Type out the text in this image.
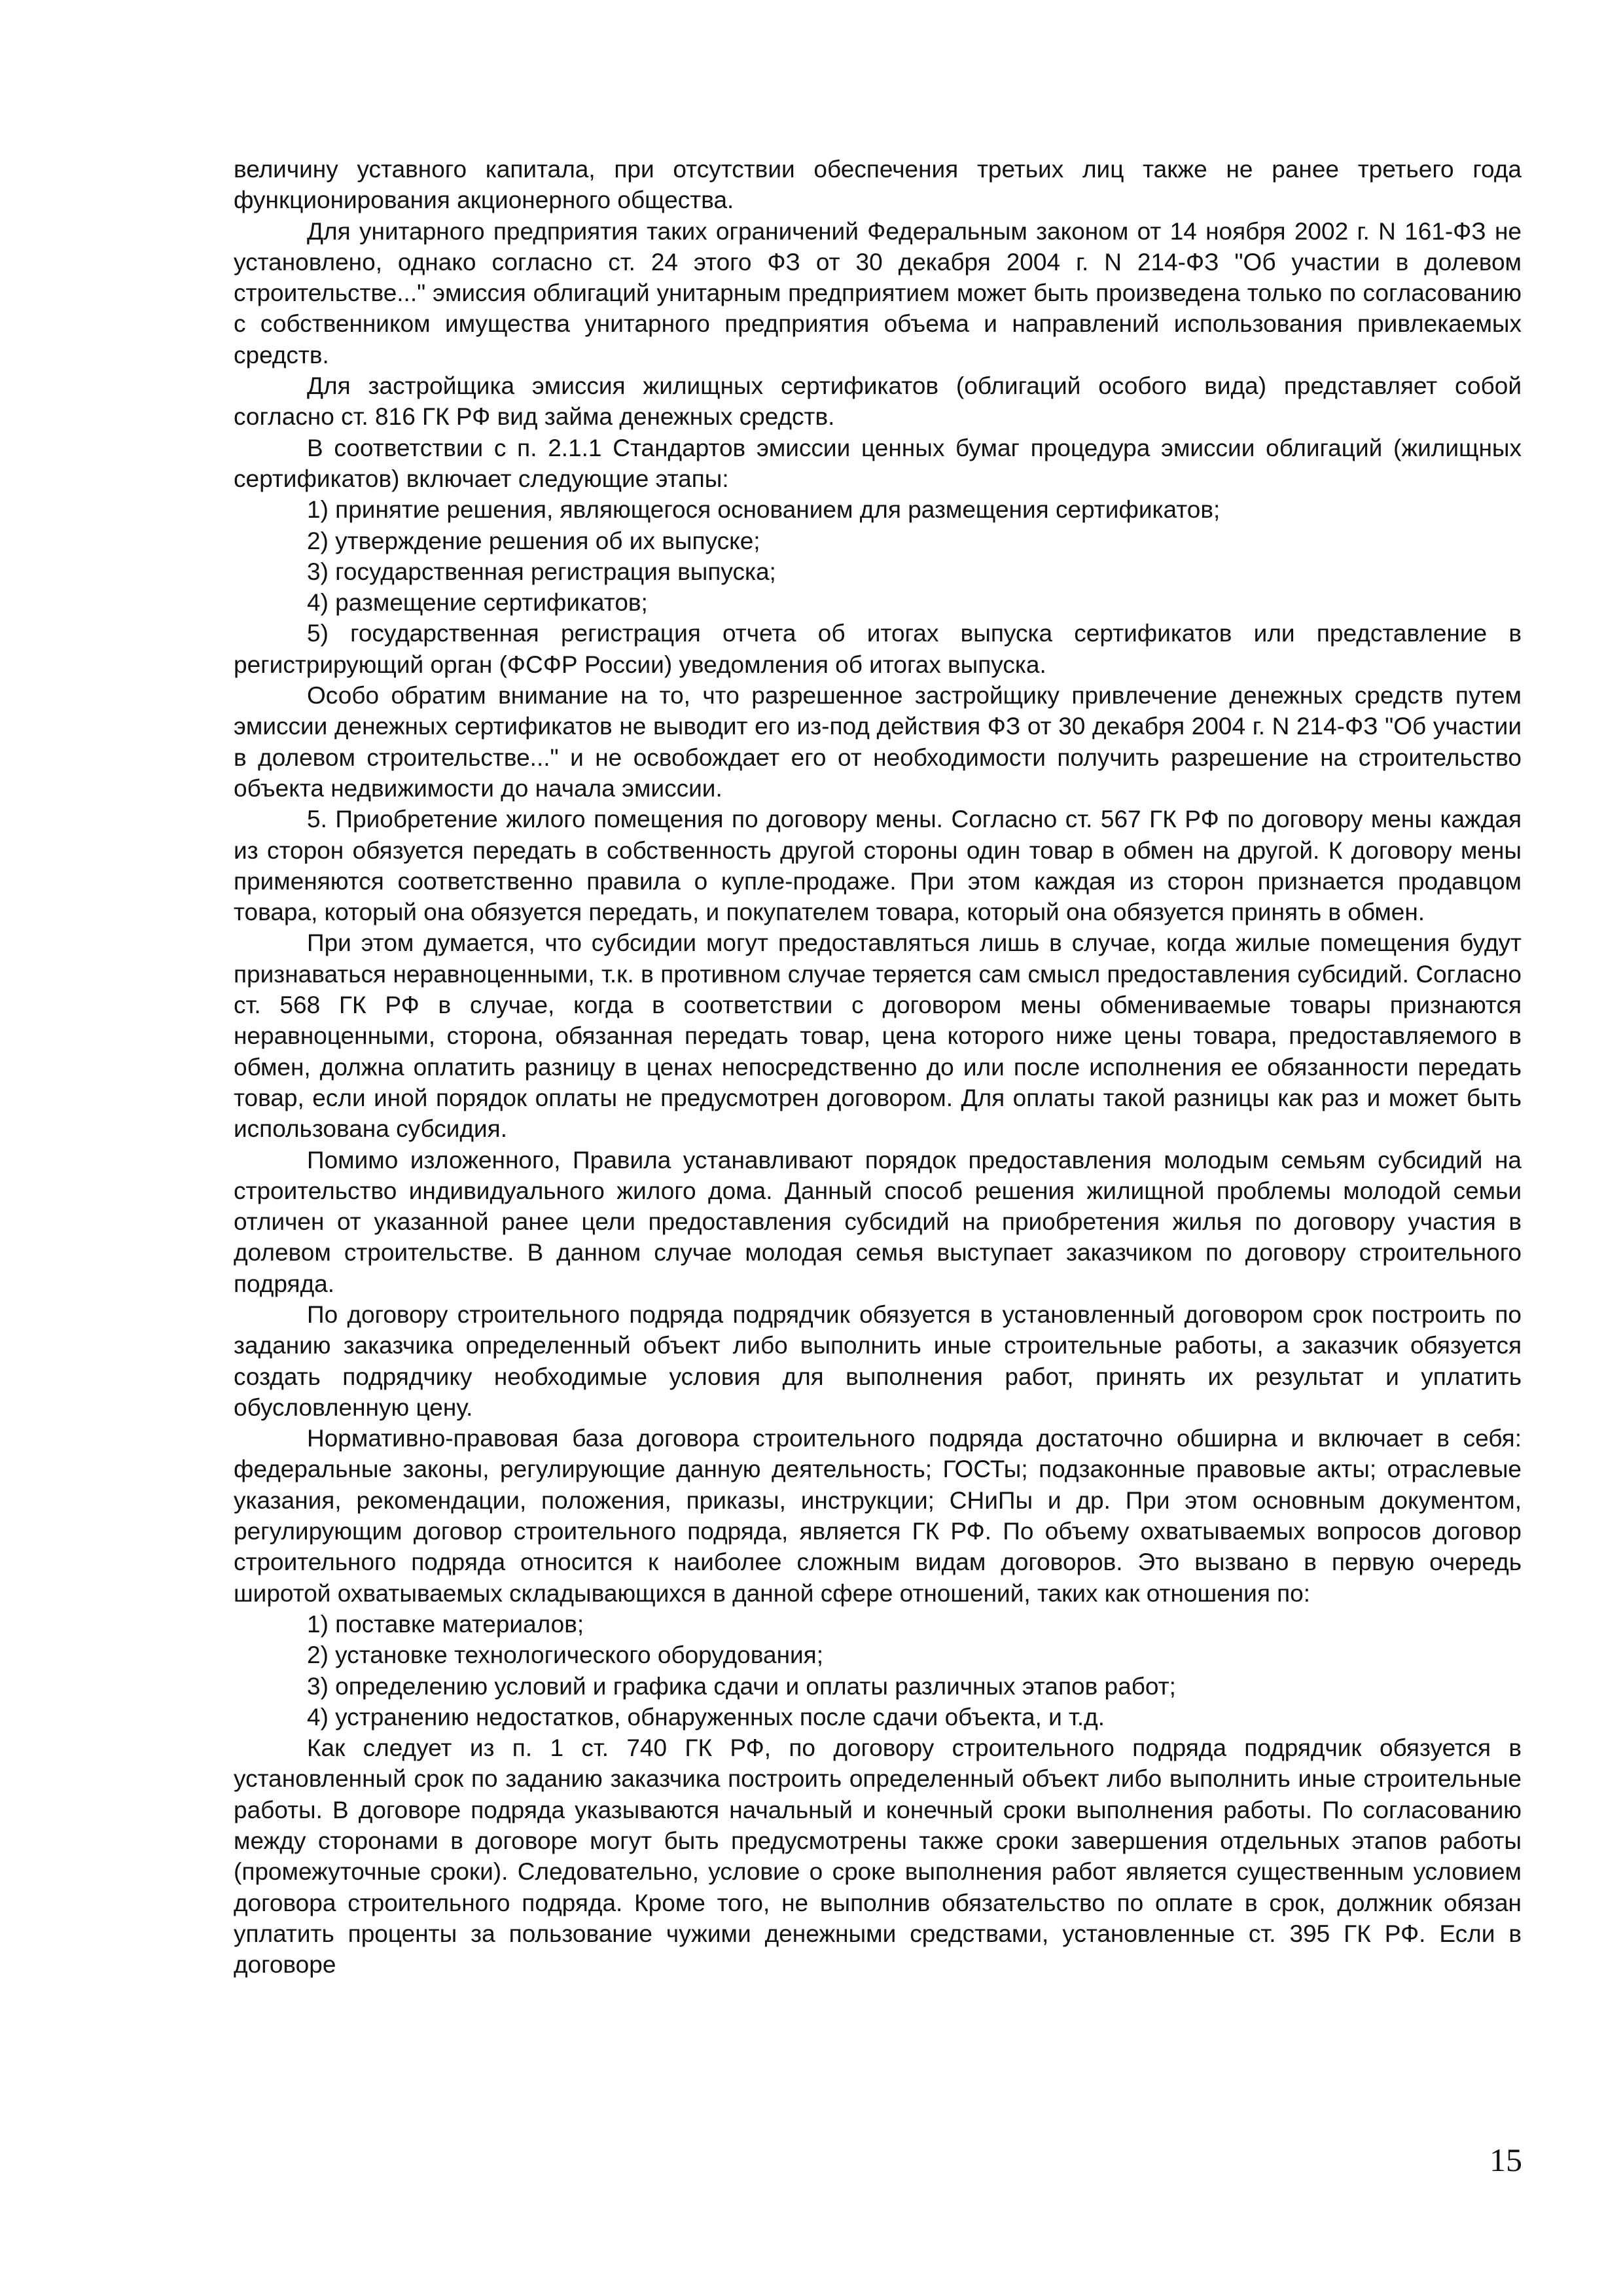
величину уставного капитала, при отсутствии обеспечения третьих лиц также не ранее третьего года функционирования акционерного общества.

Для унитарного предприятия таких ограничений Федеральным законом от 14 ноября 2002 г. N 161-ФЗ не установлено, однако согласно ст. 24 этого ФЗ от 30 декабря 2004 г. N 214-ФЗ "Об участии в долевом строительстве..." эмиссия облигаций унитарным предприятием может быть произведена только по согласованию с собственником имущества унитарного предприятия объема и направлений использования привлекаемых средств.

Для застройщика эмиссия жилищных сертификатов (облигаций особого вида) представляет собой согласно ст. 816 ГК РФ вид займа денежных средств.

В соответствии с п. 2.1.1 Стандартов эмиссии ценных бумаг процедура эмиссии облигаций (жилищных сертификатов) включает следующие этапы:

1) принятие решения, являющегося основанием для размещения сертификатов;

2) утверждение решения об их выпуске;

3) государственная регистрация выпуска;

4) размещение сертификатов;

5) государственная регистрация отчета об итогах выпуска сертификатов или представление в регистрирующий орган (ФСФР России) уведомления об итогах выпуска.

Особо обратим внимание на то, что разрешенное застройщику привлечение денежных средств путем эмиссии денежных сертификатов не выводит его из-под действия ФЗ от 30 декабря 2004 г. N 214-ФЗ "Об участии в долевом строительстве..." и не освобождает его от необходимости получить разрешение на строительство объекта недвижимости до начала эмиссии.

5. Приобретение жилого помещения по договору мены. Согласно ст. 567 ГК РФ по договору мены каждая из сторон обязуется передать в собственность другой стороны один товар в обмен на другой. К договору мены применяются соответственно правила о купле-продаже. При этом каждая из сторон признается продавцом товара, который она обязуется передать, и покупателем товара, который она обязуется принять в обмен.

При этом думается, что субсидии могут предоставляться лишь в случае, когда жилые помещения будут признаваться неравноценными, т.к. в противном случае теряется сам смысл предоставления субсидий. Согласно ст. 568 ГК РФ в случае, когда в соответствии с договором мены обмениваемые товары признаются неравноценными, сторона, обязанная передать товар, цена которого ниже цены товара, предоставляемого в обмен, должна оплатить разницу в ценах непосредственно до или после исполнения ее обязанности передать товар, если иной порядок оплаты не предусмотрен договором. Для оплаты такой разницы как раз и может быть использована субсидия.

Помимо изложенного, Правила устанавливают порядок предоставления молодым семьям субсидий на строительство индивидуального жилого дома. Данный способ решения жилищной проблемы молодой семьи отличен от указанной ранее цели предоставления субсидий на приобретения жилья по договору участия в долевом строительстве. В данном случае молодая семья выступает заказчиком по договору строительного подряда.

По договору строительного подряда подрядчик обязуется в установленный договором срок построить по заданию заказчика определенный объект либо выполнить иные строительные работы, а заказчик обязуется создать подрядчику необходимые условия для выполнения работ, принять их результат и уплатить обусловленную цену.

Нормативно-правовая база договора строительного подряда достаточно обширна и включает в себя: федеральные законы, регулирующие данную деятельность; ГОСТы; подзаконные правовые акты; отраслевые указания, рекомендации, положения, приказы, инструкции; СНиПы и др. При этом основным документом, регулирующим договор строительного подряда, является ГК РФ. По объему охватываемых вопросов договор строительного подряда относится к наиболее сложным видам договоров. Это вызвано в первую очередь широтой охватываемых складывающихся в данной сфере отношений, таких как отношения по:

1) поставке материалов;

2) установке технологического оборудования;

3) определению условий и графика сдачи и оплаты различных этапов работ;

4) устранению недостатков, обнаруженных после сдачи объекта, и т.д.

Как следует из п. 1 ст. 740 ГК РФ, по договору строительного подряда подрядчик обязуется в установленный срок по заданию заказчика построить определенный объект либо выполнить иные строительные работы. В договоре подряда указываются начальный и конечный сроки выполнения работы. По согласованию между сторонами в договоре могут быть предусмотрены также сроки завершения отдельных этапов работы (промежуточные сроки). Следовательно, условие о сроке выполнения работ является существенным условием договора строительного подряда. Кроме того, не выполнив обязательство по оплате в срок, должник обязан уплатить проценты за пользование чужими денежными средствами, установленные ст. 395 ГК РФ. Если в договоре

15
